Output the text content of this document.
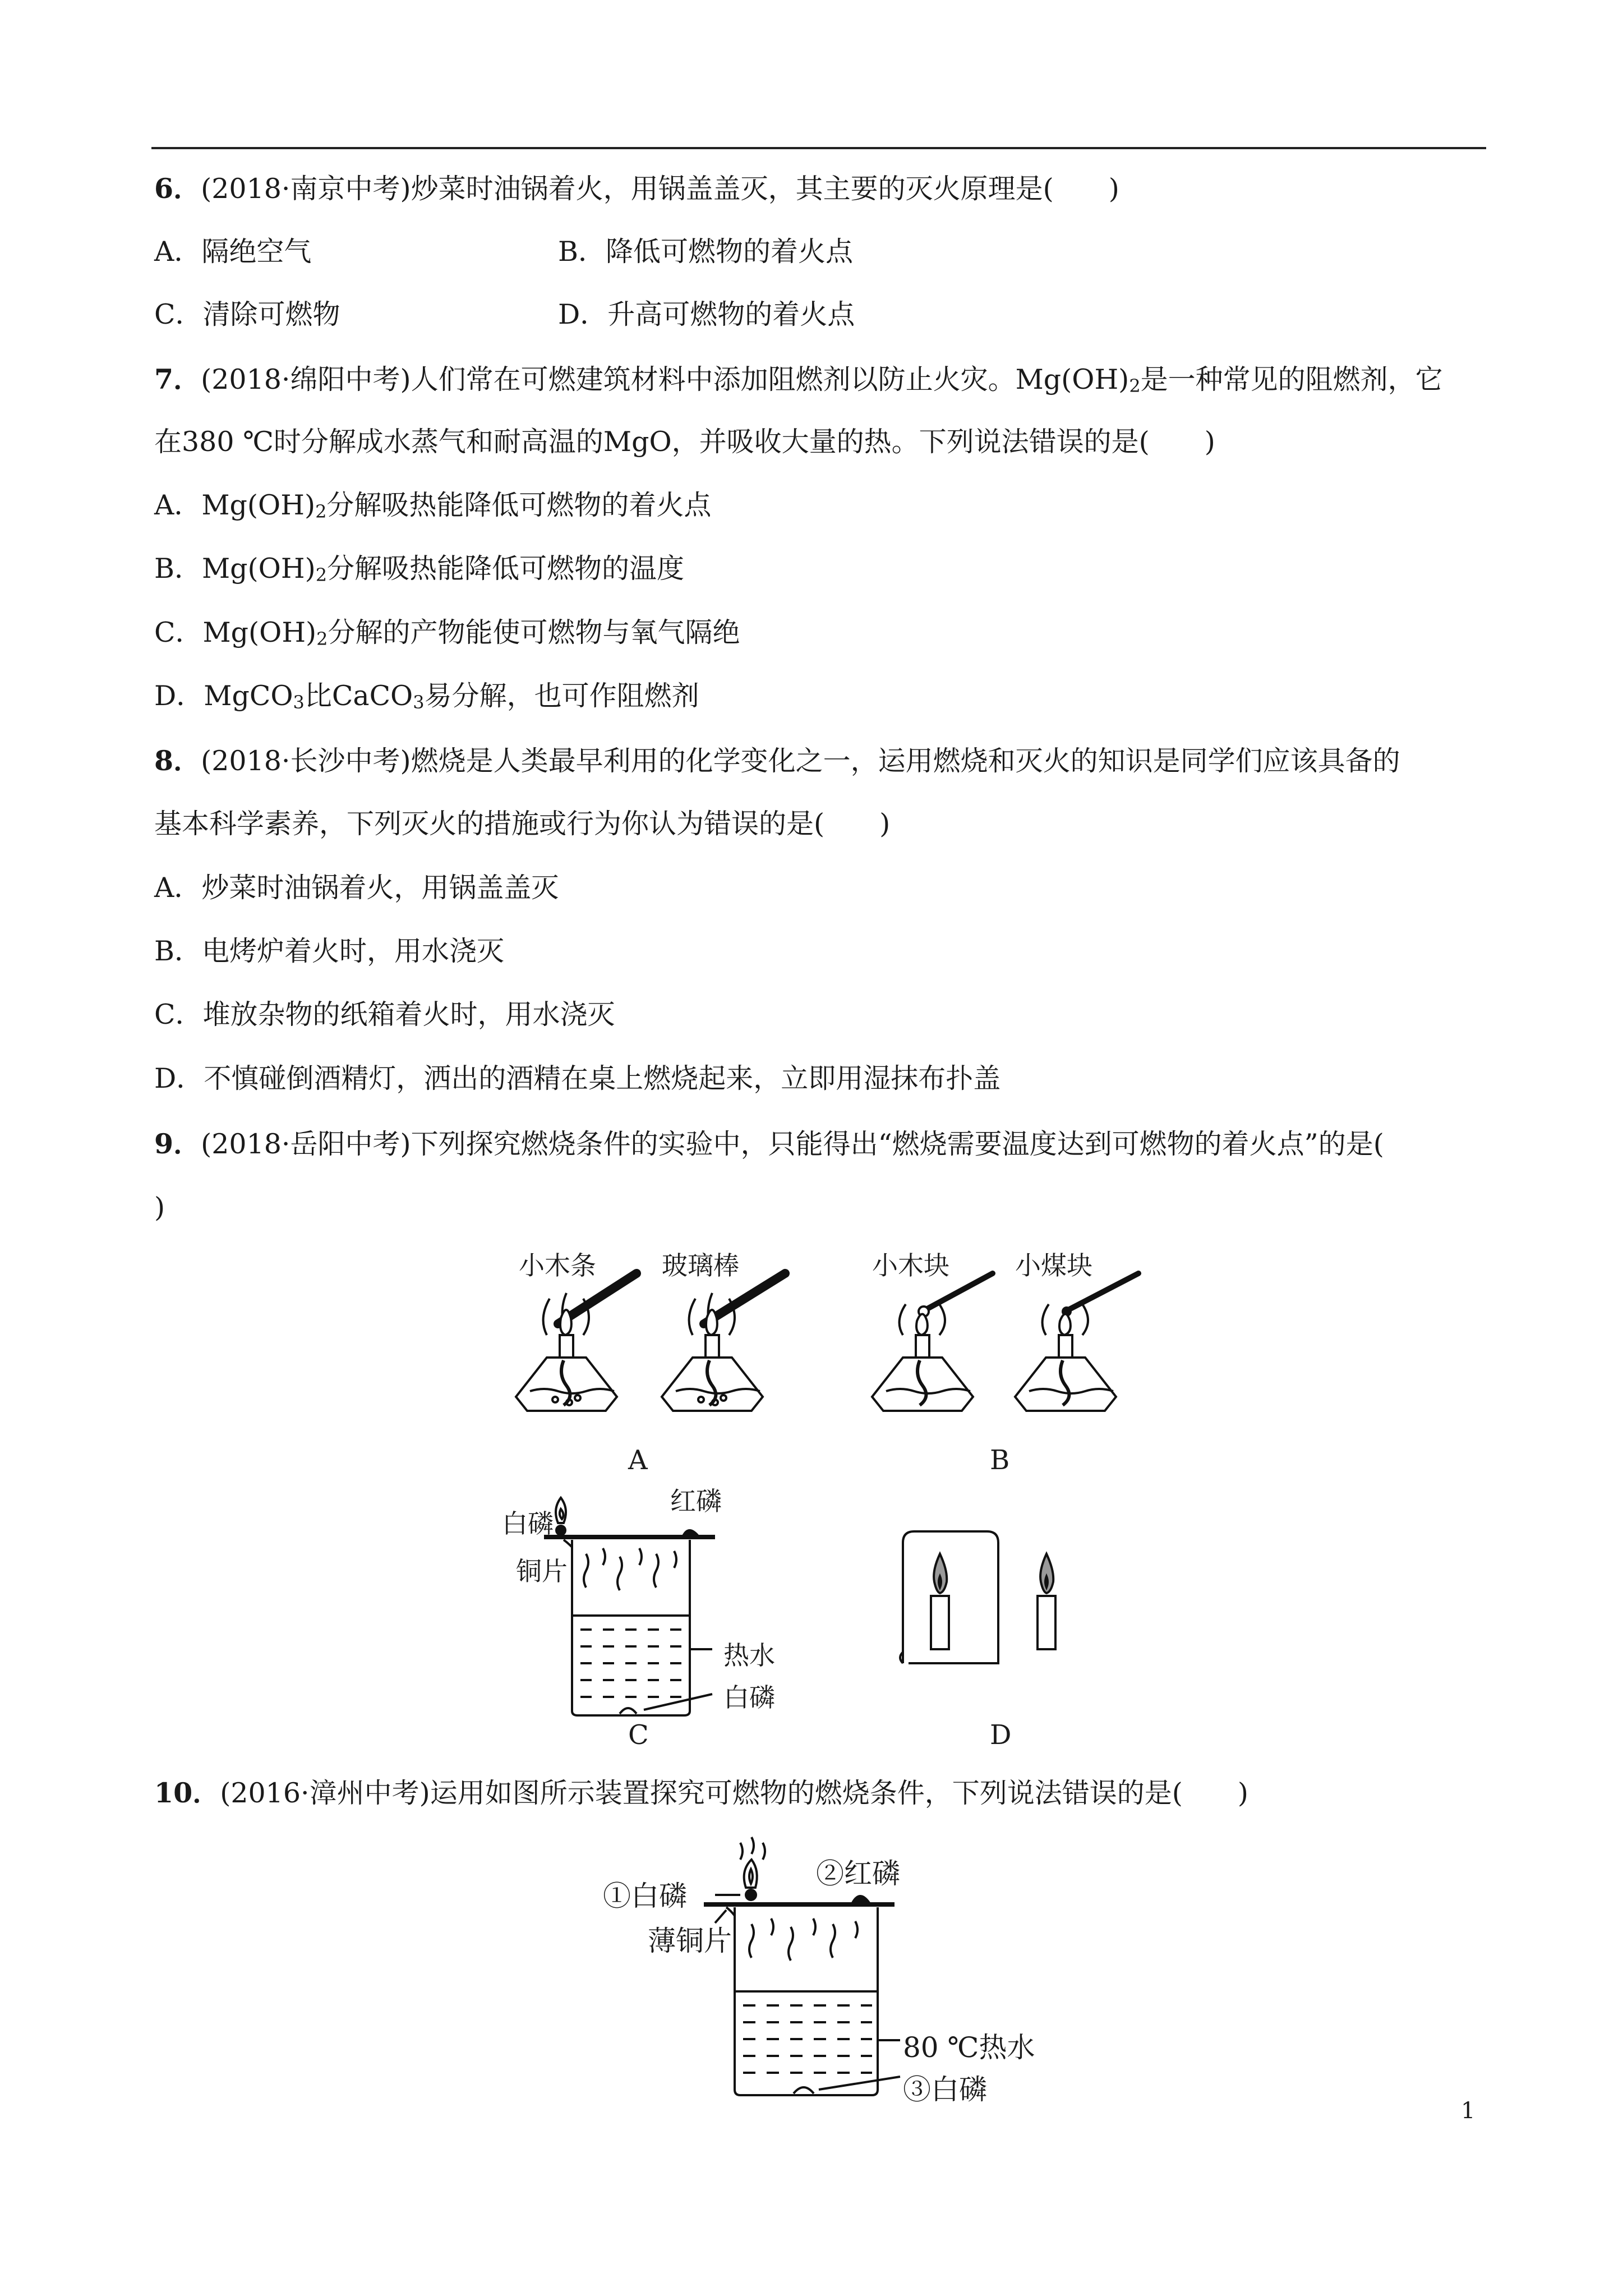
6．(2018·南京中考)炒菜时油锅着火，用锅盖盖灭，其主要的灭火原理是(　　)
A．隔绝空气	B．降低可燃物的着火点
C．清除可燃物	D．升高可燃物的着火点
7．(2018·绵阳中考)人们常在可燃建筑材料中添加阻燃剂以防止火灾。$Mg(OH)_2$是一种常见的阻燃剂，它
在380 ℃时分解成水蒸气和耐高温的MgO，并吸收大量的热。下列说法错误的是(　　)
A．$Mg(OH)_2$分解吸热能降低可燃物的着火点
B．$Mg(OH)_2$分解吸热能降低可燃物的温度
C．$Mg(OH)_2$分解的产物能使可燃物与氧气隔绝
D．MgCO$_3$比CaCO$_3$易分解，也可作阻燃剂
8．(2018·长沙中考)燃烧是人类最早利用的化学变化之一，运用燃烧和灭火的知识是同学们应该具备的
基本科学素养，下列灭火的措施或行为你认为错误的是(　　)
A．炒菜时油锅着火，用锅盖盖灭
B．电烤炉着火时，用水浇灭
C．堆放杂物的纸箱着火时，用水浇灭
D．不慎碰倒酒精灯，洒出的酒精在桌上燃烧起来，立即用湿抹布扑盖
9．(2018·岳阳中考)下列探究燃烧条件的实验中，只能得出“燃烧需要温度达到可燃物的着火点”的是(
)
小木条	玻璃棒
A
小木块	小煤块
B
白磷
红磷
铜片
热水
白磷
C	D
10．(2016·漳州中考)运用如图所示装置探究可燃物的燃烧条件，下列说法错误的是(　　)
①白磷
②红磷
薄铜片
80 ℃热水
③白磷
1
